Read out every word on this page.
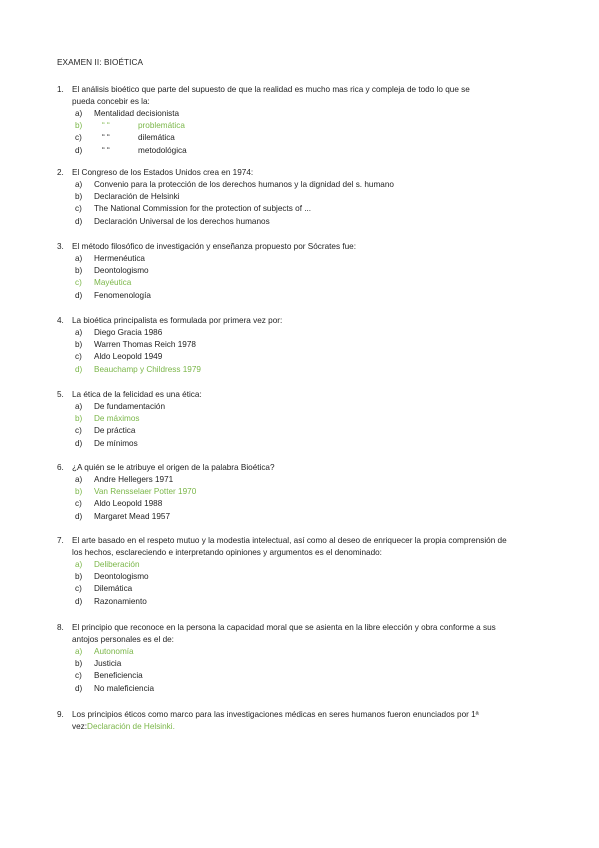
EXAMEN II: BIOÉTICA
1. El análisis bioético que parte del supuesto de que la realidad es mucho mas rica y compleja de todo lo que se
pueda concebir es la:
a) Mentalidad decisionista
b) “ “	problemática
c) “ “	dilemática
d) “ “	metodológica
2. El Congreso de los Estados Unidos crea en 1974:
a) Convenio para la protección de los derechos humanos y la dignidad del s. humano
b) Declaración de Helsinki
c) The National Commission for the protection of subjects of ...
d) Declaración Universal de los derechos humanos
3. El método filosófico de investigación y enseñanza propuesto por Sócrates fue:
a) Hermenéutica
b) Deontologismo
c) Mayéutica
d) Fenomenología
4. La bioética principalista es formulada por primera vez por:
a) Diego Gracia 1986
b) Warren Thomas Reich 1978
c) Aldo Leopold 1949
d) Beauchamp y Childress 1979
5. La ética de la felicidad es una ética:
a) De fundamentación
b) De máximos
c) De práctica
d) De mínimos
6. ¿A quién se le atribuye el origen de la palabra Bioética?
a) Andre Hellegers 1971
b) Van Rensselaer Potter 1970
c) Aldo Leopold 1988
d) Margaret Mead 1957
7. El arte basado en el respeto mutuo y la modestia intelectual, así como al deseo de enriquecer la propia comprensión de
los hechos, esclareciendo e interpretando opiniones y argumentos es el denominado:
a) Deliberación
b) Deontologismo
c) Dilemática
d) Razonamiento
8. El principio que reconoce en la persona la capacidad moral que se asienta en la libre elección y obra conforme a sus
antojos personales es el de:
a) Autonomía
b) Justicia
c) Beneficiencia
d) No maleficiencia
9. Los principios éticos como marco para las investigaciones médicas en seres humanos fueron enunciados por 1ª
vez:Declaración de Helsinki.
